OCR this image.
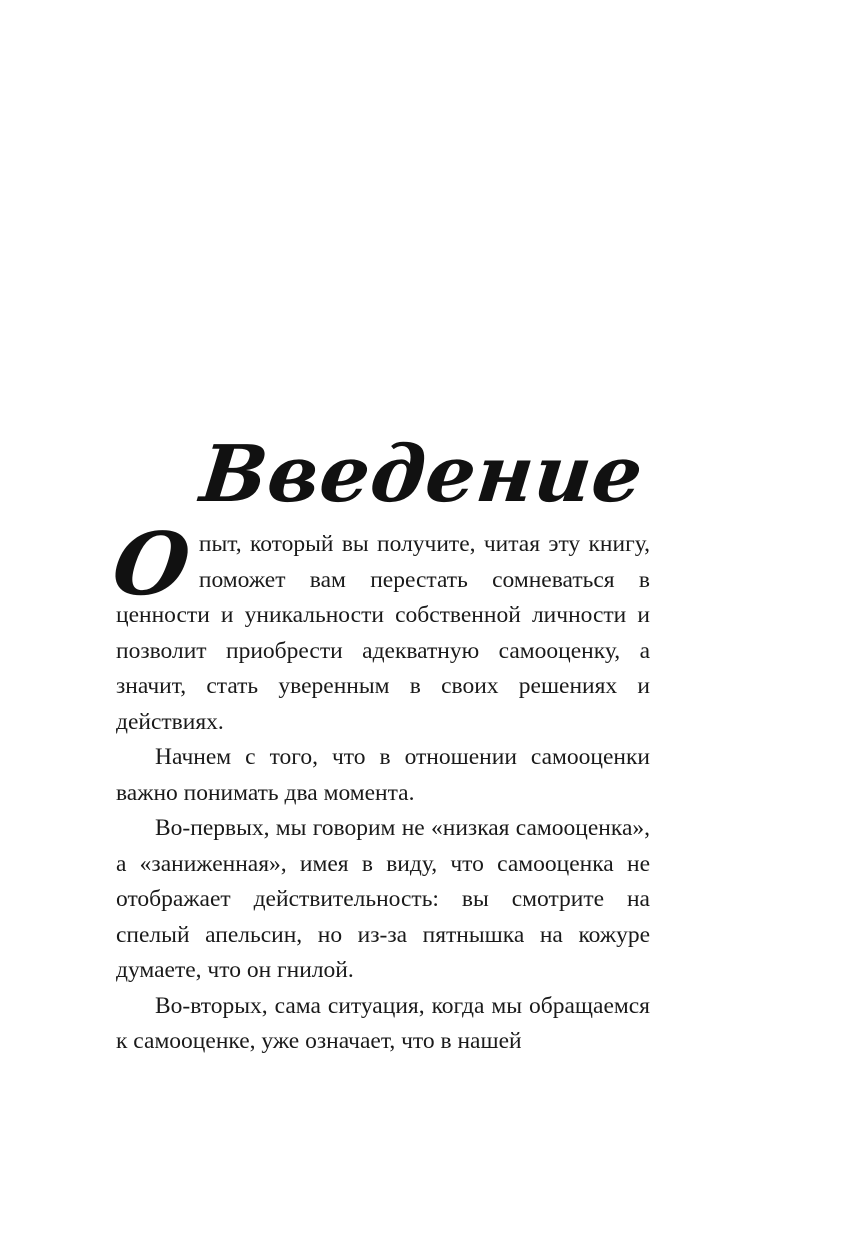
Введение

Опыт, который вы получите, читая эту книгу, поможет вам перестать сомневаться в ценности и уникальности собственной личности и позволит приобрести адекватную самооценку, а значит, стать уверенным в своих решениях и действиях.

Начнем с того, что в отношении самооценки важно понимать два момента.

Во-первых, мы говорим не «низкая самооценка», а «заниженная», имея в виду, что самооценка не отображает действительность: вы смотрите на спелый апельсин, но из-за пятнышка на кожуре думаете, что он гнилой.

Во-вторых, сама ситуация, когда мы обращаемся к самооценке, уже означает, что в нашей
